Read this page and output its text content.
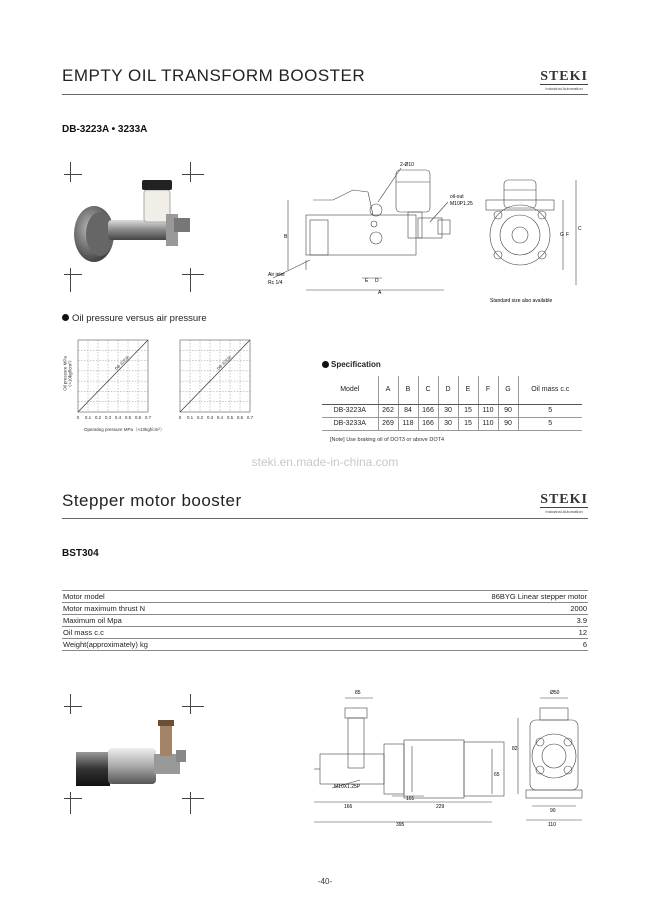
EMPTY OIL TRANSFORM BOOSTER	STEKI
Industrial Automation
DB-3223A • 3233A
2-Ø10
oil-out
M10P1.25
Air inlet
Rc 1/4
B
A
E D
G F
C
Standard size also available
Oil pressure versus air pressure
Oil pressure MPa（×10kgf/cm²）
0 0.1 0.2 0.3 0.4 0.5 0.6 0.7
DB-3223A
0 0.1 0.2 0.3 0.4 0.5 0.6 0.7
DB-3233A
Operating pressure MPa（×10kgf/cm²）
Specification
Model	A	B	C	D	E	F	G	Oil mass c.c
DB-3223A	262	84	166	30	15	110	90	5
DB-3233A	269	118	166	30	15	110	90	5
[Note] Use braking oil of DOT3 or above DOT4
steki.en.made-in-china.com
Stepper motor booster	STEKI
Industrial Automation
BST304
Motor model	86BYG Linear stepper motor
Motor maximum thrust N	2000
Maximum oil Mpa	3.9
Oil mass c.c	12
Weight(approximately) kg	6
85
M10X1.25P
101
166	229
395
Ø50
82
65
90
110
-40-
